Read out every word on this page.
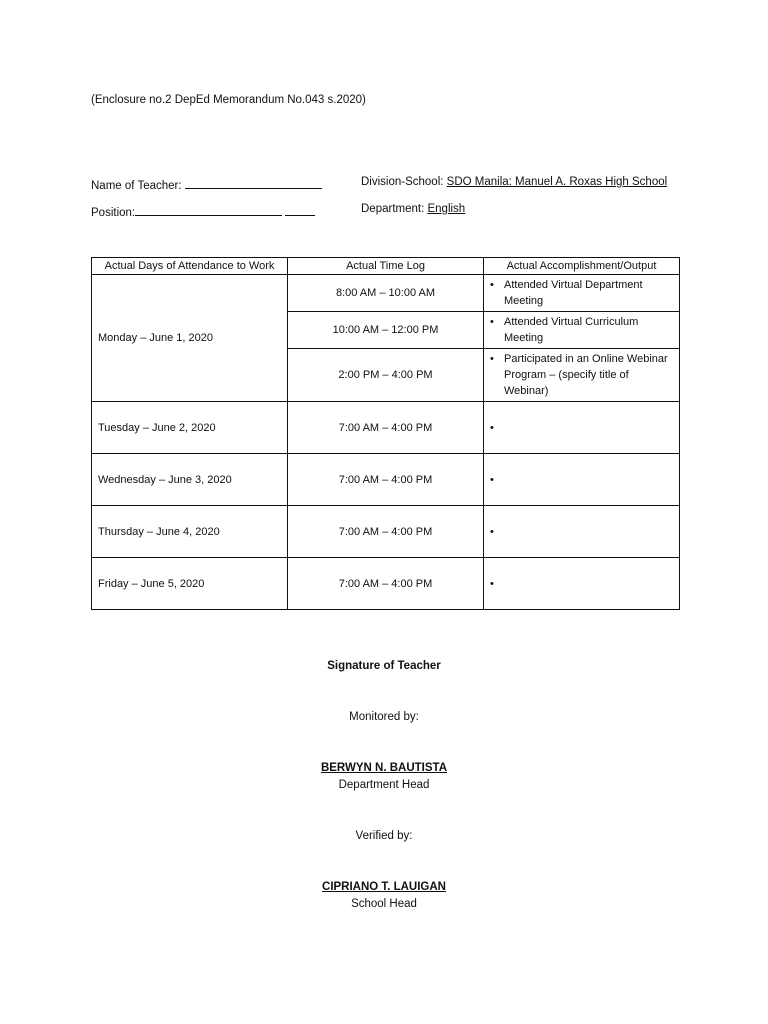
(Enclosure no.2 DepEd Memorandum No.043 s.2020)
Name of Teacher:	Division-School: SDO Manila: Manuel A. Roxas High School
Position:	Department: English
Actual Days of Attendance to Work	Actual Time Log	Actual Accomplishment/Output
Monday – June 1, 2020	8:00 AM – 10:00 AM	• Attended Virtual Department Meeting

	10:00 AM – 12:00 PM	• Attended Virtual Curriculum Meeting

	2:00 PM – 4:00 PM	• Participated in an Online Webinar Program – (specify title of Webinar)

Tuesday – June 2, 2020	7:00 AM – 4:00 PM	•
Wednesday – June 3, 2020	7:00 AM – 4:00 PM	•
Thursday – June 4, 2020	7:00 AM – 4:00 PM	•
Friday – June 5, 2020	7:00 AM – 4:00 PM	•
Signature of Teacher
Monitored by:
BERWYN N. BAUTISTA
Department Head
Verified by:
CIPRIANO T. LAUIGAN
School Head
